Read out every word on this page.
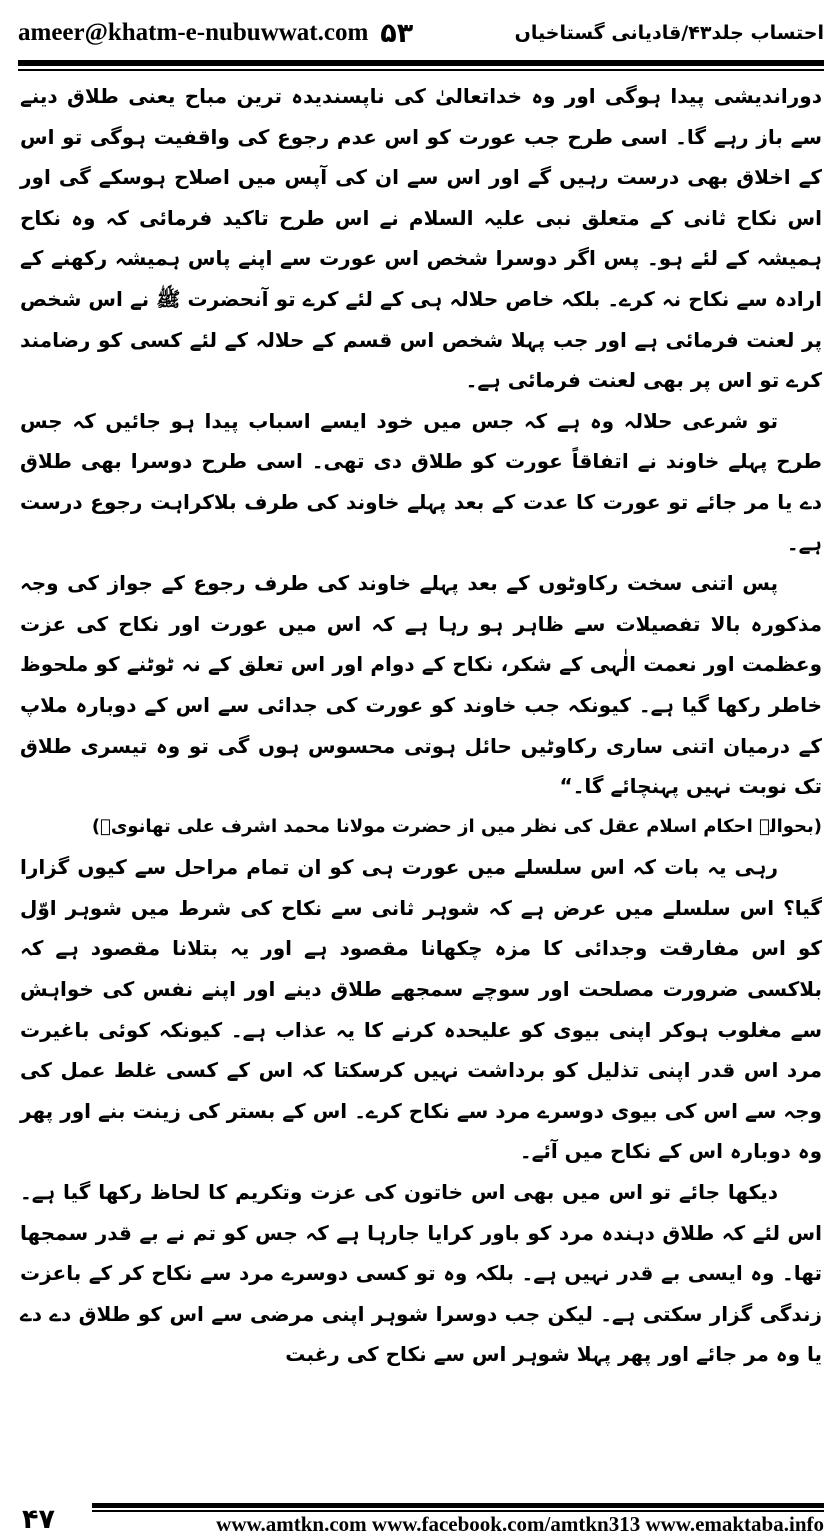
ameer@khatm-e-nubuwwat.com ۵۳	احتساب جلد۴۳/قادیانی گستاخیاں

دوراندیشی پیدا ہوگی اور وہ خداتعالیٰ کی ناپسندیدہ ترین مباح یعنی طلاق دینے سے باز رہے گا۔ اسی طرح جب عورت کو اس عدم رجوع کی واقفیت ہوگی تو اس کے اخلاق بھی درست رہیں گے اور اس سے ان کی آپس میں اصلاح ہوسکے گی اور اس نکاح ثانی کے متعلق نبی علیہ السلام نے اس طرح تاکید فرمائی کہ وہ نکاح ہمیشہ کے لئے ہو۔ پس اگر دوسرا شخص اس عورت سے اپنے پاس ہمیشہ رکھنے کے ارادہ سے نکاح نہ کرے۔ بلکہ خاص حلالہ ہی کے لئے کرے تو آنحضرت ﷺ نے اس شخص پر لعنت فرمائی ہے اور جب پہلا شخص اس قسم کے حلالہ کے لئے کسی کو رضامند کرے تو اس پر بھی لعنت فرمائی ہے۔

تو شرعی حلالہ وہ ہے کہ جس میں خود ایسے اسباب پیدا ہو جائیں کہ جس طرح پہلے خاوند نے اتفاقاً عورت کو طلاق دی تھی۔ اسی طرح دوسرا بھی طلاق دے یا مر جائے تو عورت کا عدت کے بعد پہلے خاوند کی طرف بلاکراہت رجوع درست ہے۔

پس اتنی سخت رکاوٹوں کے بعد پہلے خاوند کی طرف رجوع کے جواز کی وجہ مذکورہ بالا تفصیلات سے ظاہر ہو رہا ہے کہ اس میں عورت اور نکاح کی عزت وعظمت اور نعمت الٰہی کے شکر، نکاح کے دوام اور اس تعلق کے نہ ٹوٹنے کو ملحوظ خاطر رکھا گیا ہے۔ کیونکہ جب خاوند کو عورت کی جدائی سے اس کے دوبارہ ملاپ کے درمیان اتنی ساری رکاوٹیں حائل ہوتی محسوس ہوں گی تو وہ تیسری طلاق تک نوبت نہیں پہنچائے گا۔“

(بحوالہ احکام اسلام عقل کی نظر میں از حضرت مولانا محمد اشرف علی تھانویؒ)

رہی یہ بات کہ اس سلسلے میں عورت ہی کو ان تمام مراحل سے کیوں گزارا گیا؟ اس سلسلے میں عرض ہے کہ شوہر ثانی سے نکاح کی شرط میں شوہر اوّل کو اس مفارقت وجدائی کا مزہ چکھانا مقصود ہے اور یہ بتلانا مقصود ہے کہ بلاکسی ضرورت مصلحت اور سوچے سمجھے طلاق دینے اور اپنے نفس کی خواہش سے مغلوب ہوکر اپنی بیوی کو علیحدہ کرنے کا یہ عذاب ہے۔ کیونکہ کوئی باغیرت مرد اس قدر اپنی تذلیل کو برداشت نہیں کرسکتا کہ اس کے کسی غلط عمل کی وجہ سے اس کی بیوی دوسرے مرد سے نکاح کرے۔ اس کے بستر کی زینت بنے اور پھر وہ دوبارہ اس کے نکاح میں آئے۔

دیکھا جائے تو اس میں بھی اس خاتون کی عزت وتکریم کا لحاظ رکھا گیا ہے۔ اس لئے کہ طلاق دہندہ مرد کو باور کرایا جارہا ہے کہ جس کو تم نے بے قدر سمجھا تھا۔ وہ ایسی بے قدر نہیں ہے۔ بلکہ وہ تو کسی دوسرے مرد سے نکاح کر کے باعزت زندگی گزار سکتی ہے۔ لیکن جب دوسرا شوہر اپنی مرضی سے اس کو طلاق دے دے یا وہ مر جائے اور پھر پہلا شوہر اس سے نکاح کی رغبت

۴۷	www.amtkn.com www.facebook.com/amtkn313 www.emaktaba.info
